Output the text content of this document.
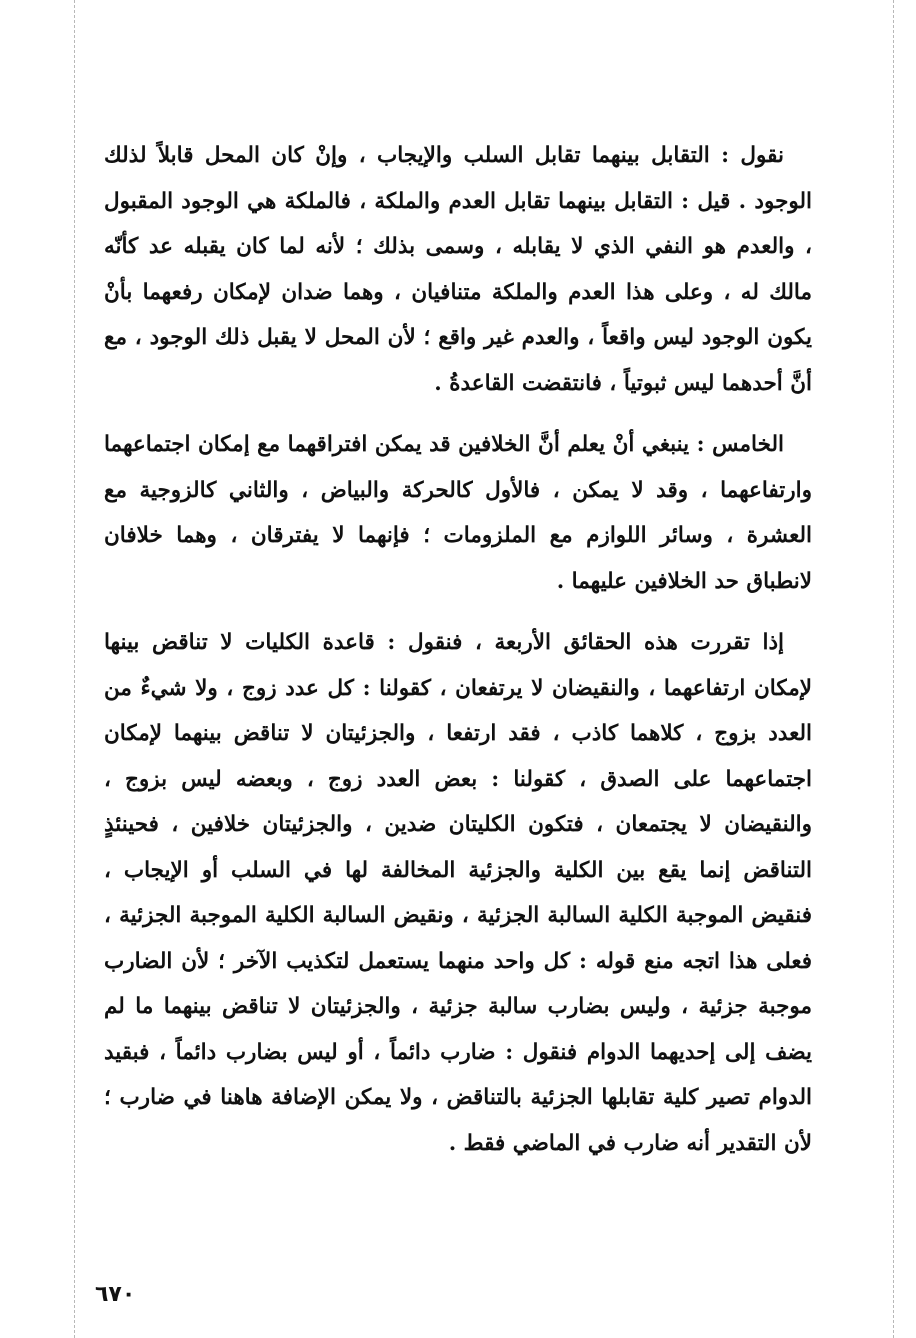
نقول : التقابل بينهما تقابل السلب والإيجاب ، وإنْ كان المحل قابلاً لذلك الوجود . قيل : التقابل بينهما تقابل العدم والملكة ، فالملكة هي الوجود المقبول ، والعدم هو النفي الذي لا يقابله ، وسمى بذلك ؛ لأنه لما كان يقبله عد كأنّه مالك له ، وعلى هذا العدم والملكة متنافيان ، وهما ضدان لإمكان رفعهما بأنْ يكون الوجود ليس واقعاً ، والعدم غير واقع ؛ لأن المحل لا يقبل ذلك الوجود ، مع أنَّ أحدهما ليس ثبوتياً ، فانتقضت القاعدةُ .

الخامس : ينبغي أنْ يعلم أنَّ الخلافين قد يمكن افتراقهما مع إمكان اجتماعهما وارتفاعهما ، وقد لا يمكن ، فالأول كالحركة والبياض ، والثاني كالزوجية مع العشرة ، وسائر اللوازم مع الملزومات ؛ فإنهما لا يفترقان ، وهما خلافان لانطباق حد الخلافين عليهما .

إذا تقررت هذه الحقائق الأربعة ، فنقول : قاعدة الكليات لا تناقض بينها لإمكان ارتفاعهما ، والنقيضان لا يرتفعان ، كقولنا : كل عدد زوج ، ولا شيءٌ من العدد بزوج ، كلاهما كاذب ، فقد ارتفعا ، والجزئيتان لا تناقض بينهما لإمكان اجتماعهما على الصدق ، كقولنا : بعض العدد زوج ، وبعضه ليس بزوج ، والنقيضان لا يجتمعان ، فتكون الكليتان ضدين ، والجزئيتان خلافين ، فحينئذٍ التناقض إنما يقع بين الكلية والجزئية المخالفة لها في السلب أو الإيجاب ، فنقيض الموجبة الكلية السالبة الجزئية ، ونقيض السالبة الكلية الموجبة الجزئية ، فعلى هذا اتجه منع قوله : كل واحد منهما يستعمل لتكذيب الآخر ؛ لأن الضارب موجبة جزئية ، وليس بضارب سالبة جزئية ، والجزئيتان لا تناقض بينهما ما لم يضف إلى إحديهما الدوام فنقول : ضارب دائماً ، أو ليس بضارب دائماً ، فبقيد الدوام تصير كلية تقابلها الجزئية بالتناقض ، ولا يمكن الإضافة هاهنا في ضارب ؛ لأن التقدير أنه ضارب في الماضي فقط .

٦٧٠
